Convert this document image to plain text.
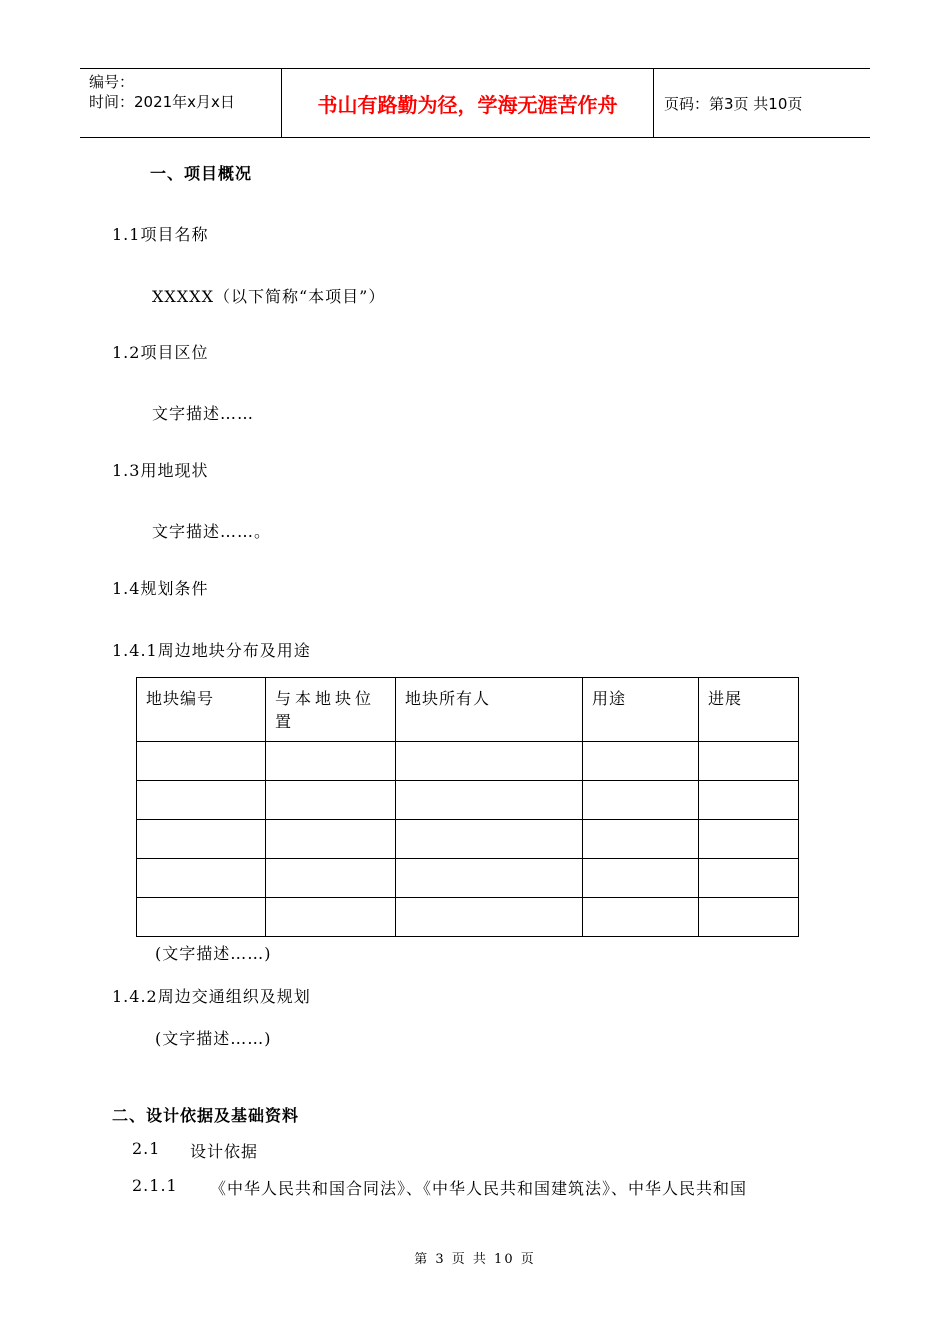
编号：
时间：2021年x月x日	书山有路勤为径，学海无涯苦作舟	页码：第3页 共10页
一、项目概况
1.1项目名称
XXXXX（以下简称“本项目”）
1.2项目区位
文字描述……
1.3用地现状
文字描述……。
1.4规划条件
1.4.1周边地块分布及用途
地块编号	与本地块位置	地块所有人	用途	进展

(文字描述……)
1.4.2周边交通组织及规划
(文字描述……)
二、设计依据及基础资料
2.1 设计依据
2.1.1 《中华人民共和国合同法》、《中华人民共和国建筑法》、中华人民共和国
第 3 页 共 10 页
